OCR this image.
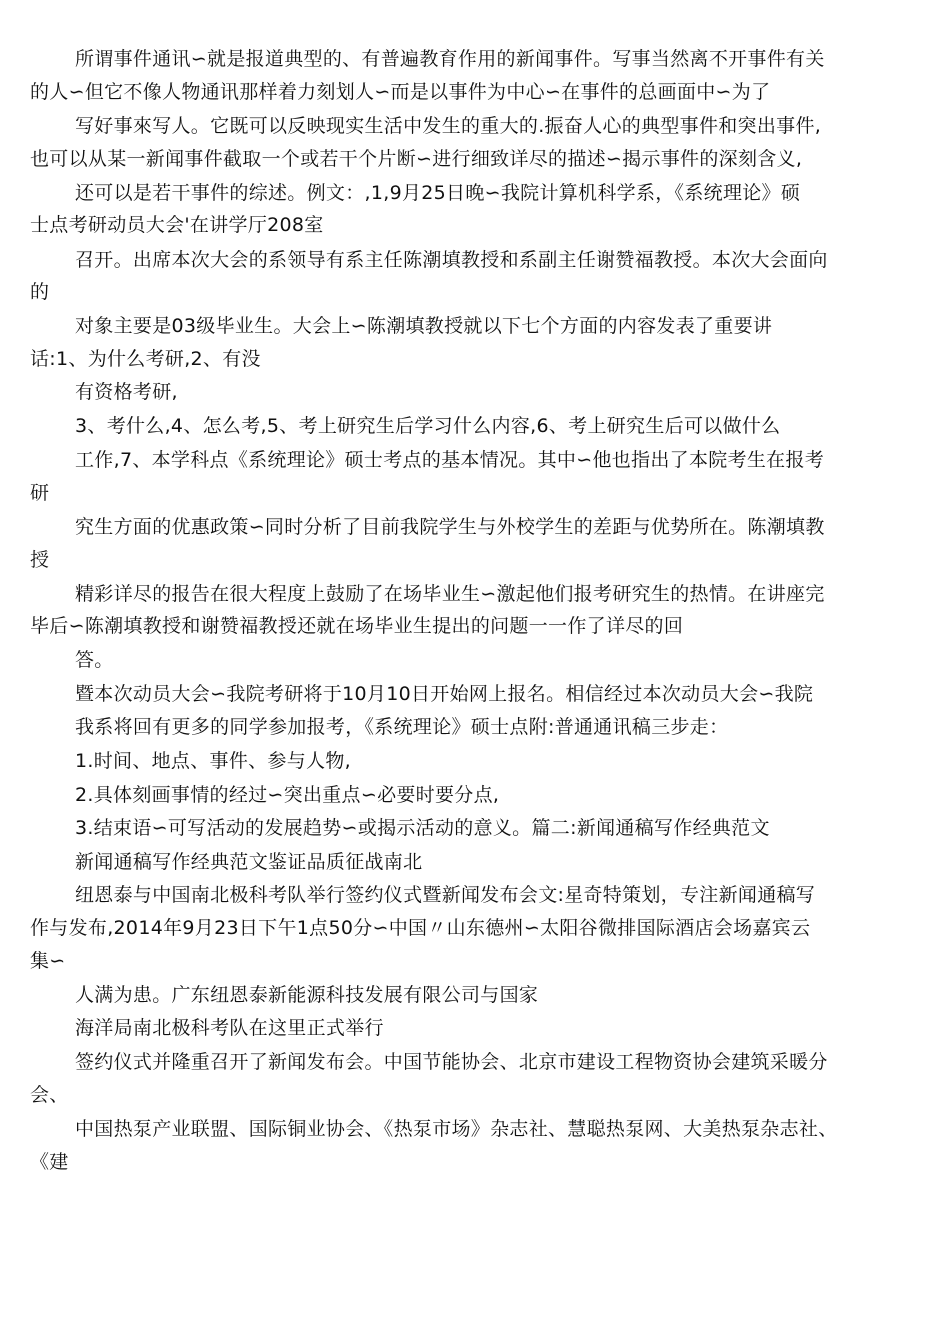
所谓事件通讯∽就是报道典型的、有普遍教育作用的新闻事件。写事当然离不开事件有关
的人∽但它不像人物通讯那样着力刻划人∽而是以事件为中心∽在事件的总画面中∽为了
写好事來写人。它既可以反映现实生活中发生的重大的.振奋人心的典型事件和突出事件,
也可以从某一新闻事件截取一个或若干个片断∽进行细致详尽的描述∽揭示事件的深刻含义,
还可以是若干事件的综述。例文：,1,9月25日晚∽我院计算机科学系，《系统理论》硕
士点考研动员大会'在讲学厅208室
召开。出席本次大会的系领导有系主任陈潮填教授和系副主任谢赞福教授。本次大会面向
的
对象主要是03级毕业生。大会上∽陈潮填教授就以下七个方面的内容发表了重要讲
话:1、为什么考研,2、有没
有资格考研,
3、考什么,4、怎么考,5、考上研究生后学习什么内容,6、考上研究生后可以做什么
工作,7、本学科点《系统理论》硕士考点的基本情况。其中∽他也指出了本院考生在报考
研
究生方面的优惠政策∽同时分析了目前我院学生与外校学生的差距与优势所在。陈潮填教
授
精彩详尽的报告在很大程度上鼓励了在场毕业生∽激起他们报考研究生的热情。在讲座完
毕后∽陈潮填教授和谢赞福教授还就在场毕业生提出的问题一一作了详尽的回
答。
暨本次动员大会∽我院考研将于10月10日开始网上报名。相信经过本次动员大会∽我院
我系将回有更多的同学参加报考，《系统理论》硕士点附:普通通讯稿三步走：
1.时间、地点、事件、参与人物,
2.具体刻画事情的经过∽突出重点∽必要时要分点,
3.结束语∽可写活动的发展趋势∽或揭示活动的意义。篇二:新闻通稿写作经典范文
新闻通稿写作经典范文鉴证品质征战南北
纽恩泰与中国南北极科考队举行签约仪式暨新闻发布会文:星奇特策划，专注新闻通稿写
作与发布,2014年9月23日下午1点50分∽中国〃山东德州∽太阳谷微排国际酒店会场嘉宾云
集∽
人满为患。广东纽恩泰新能源科技发展有限公司与国家
海洋局南北极科考队在这里正式举行
签约仪式并隆重召开了新闻发布会。中国节能协会、北京市建设工程物资协会建筑采暖分
会、
中国热泵产业联盟、国际铜业协会、《热泵市场》杂志社、慧聪热泵网、大美热泵杂志社、
《建
